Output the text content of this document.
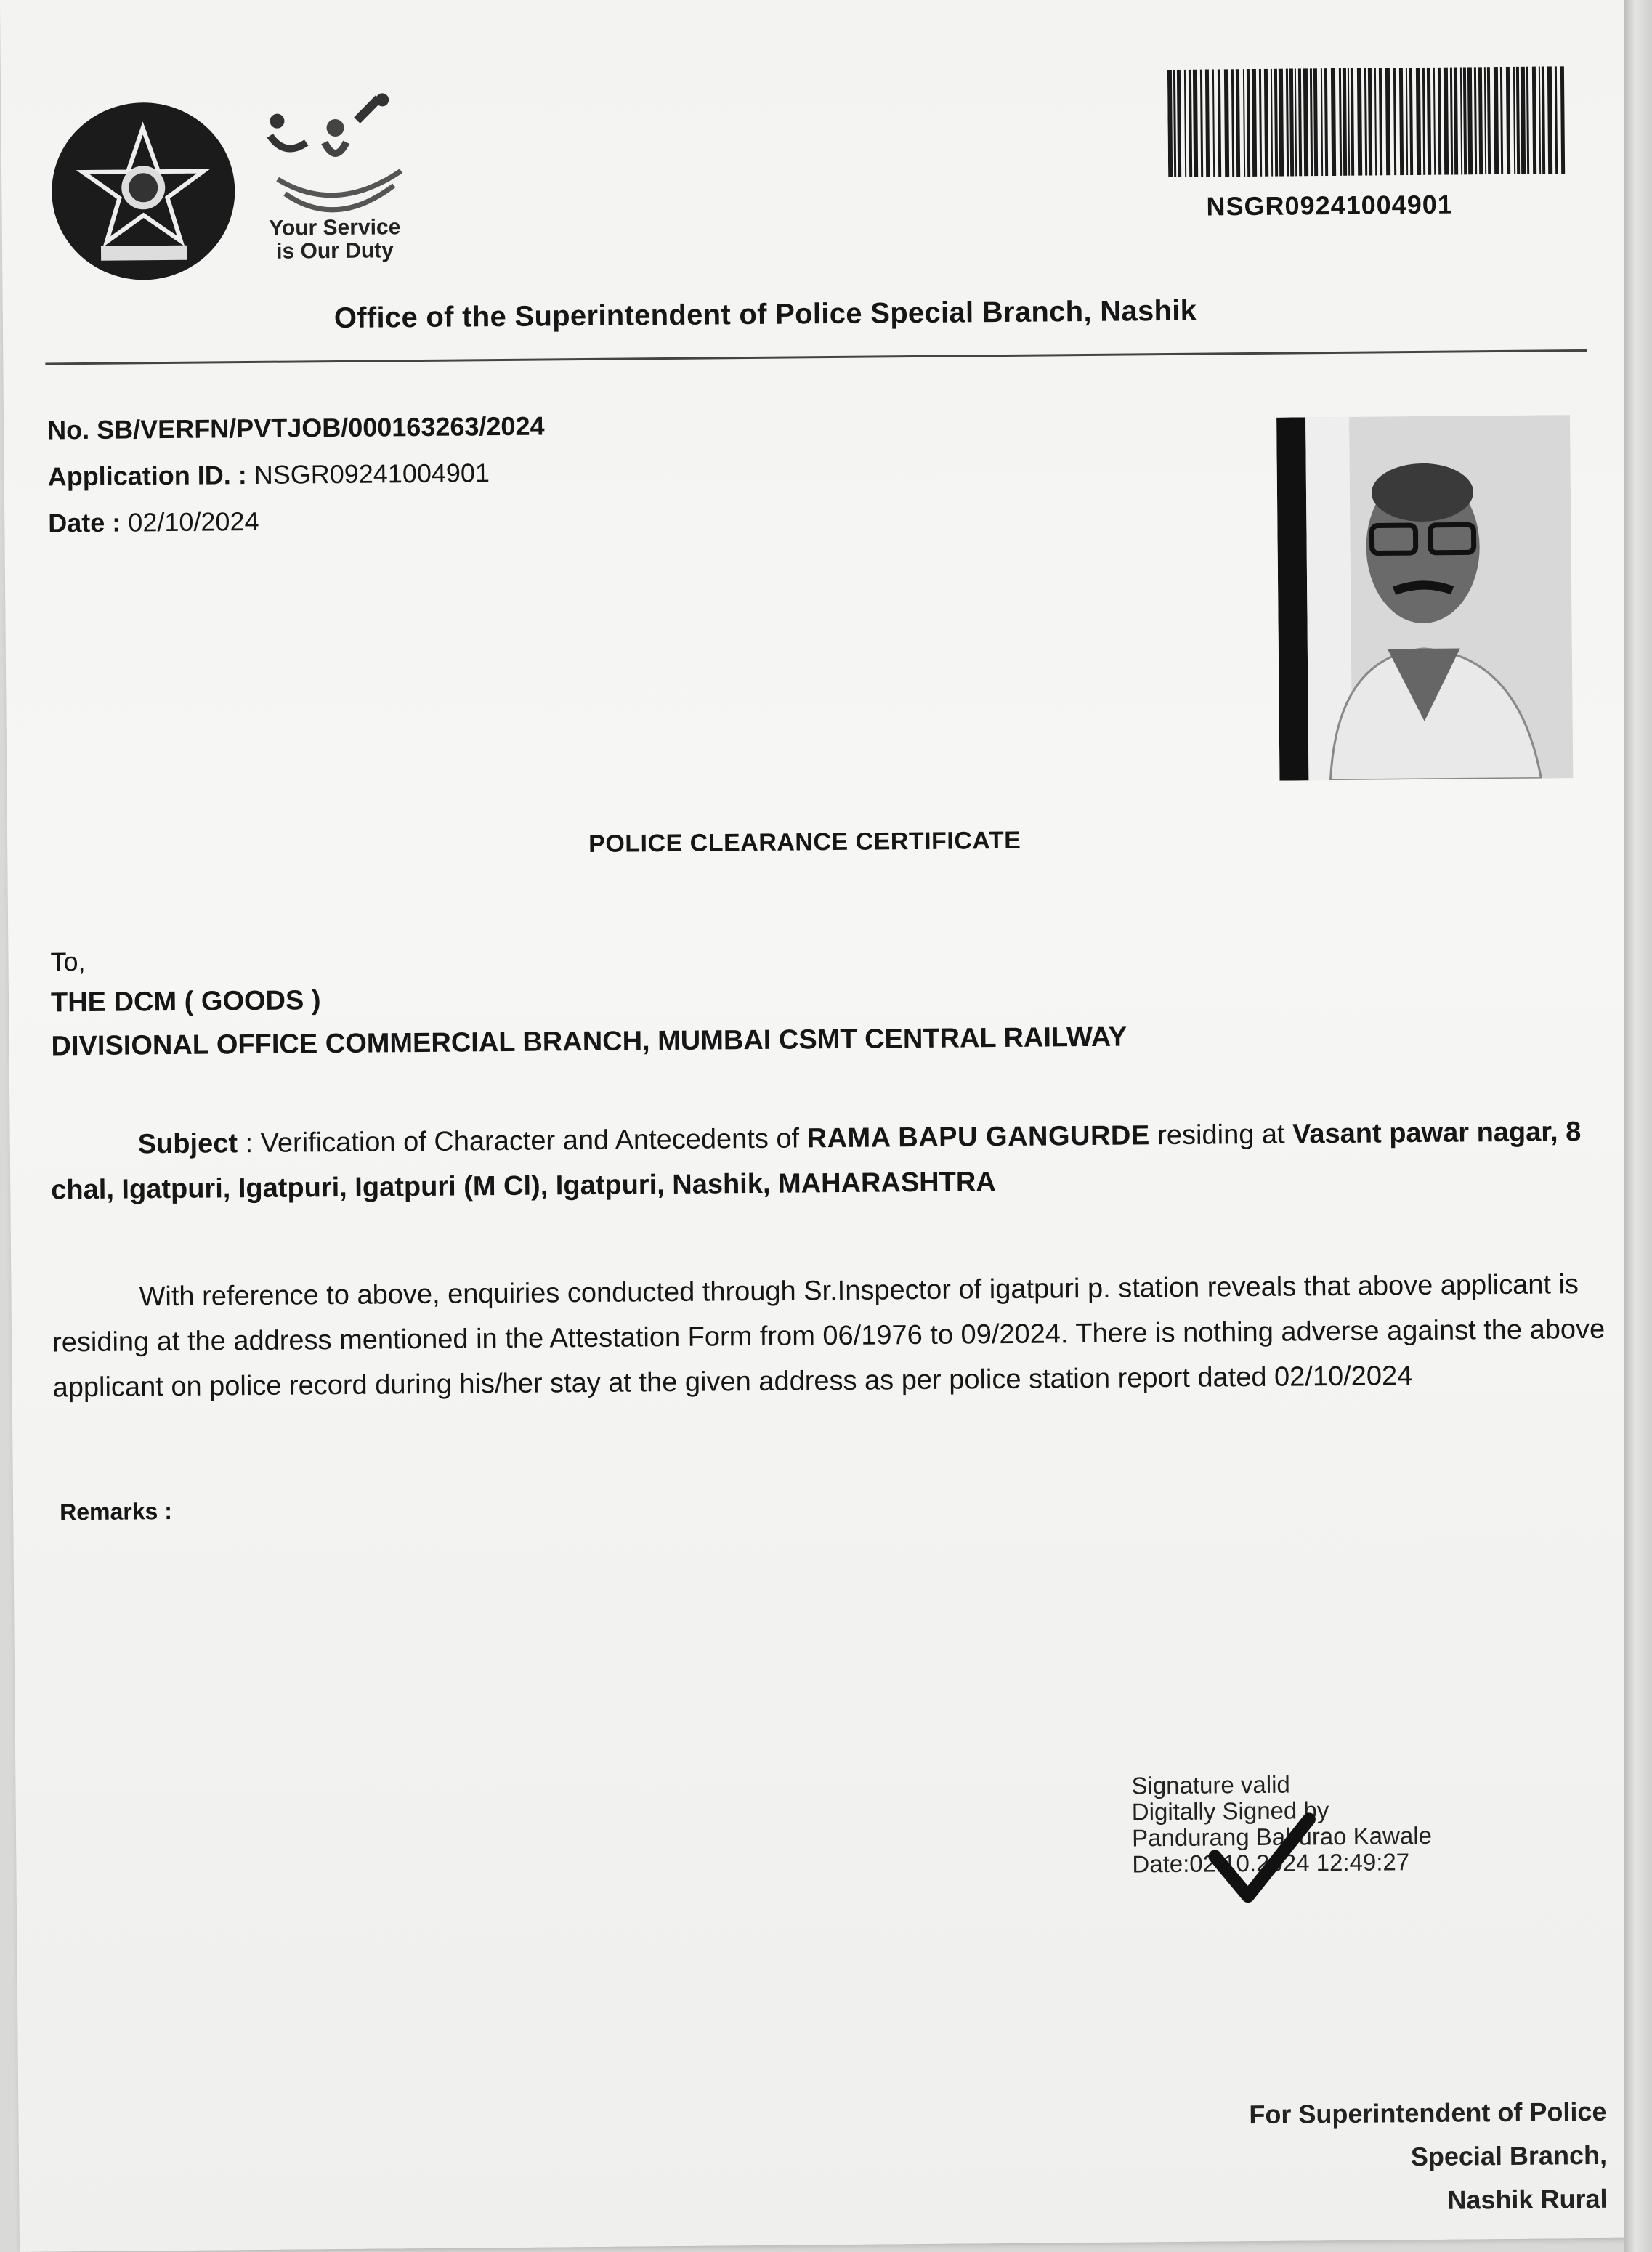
Your Service
is Our Duty
NSGR09241004901
Office of the Superintendent of Police Special Branch, Nashik
No. SB/VERFN/PVTJOB/000163263/2024
Application ID. : NSGR09241004901
Date : 02/10/2024
POLICE CLEARANCE CERTIFICATE
To,
THE DCM ( GOODS )
DIVISIONAL OFFICE COMMERCIAL BRANCH, MUMBAI CSMT CENTRAL RAILWAY
Subject : Verification of Character and Antecedents of RAMA BAPU GANGURDE residing at Vasant pawar nagar, 8 chal, Igatpuri, Igatpuri, Igatpuri (M Cl), Igatpuri, Nashik, MAHARASHTRA
With reference to above, enquiries conducted through Sr.Inspector of igatpuri p. station reveals that above applicant is residing at the address mentioned in the Attestation Form from 06/1976 to 09/2024. There is nothing adverse against the above applicant on police record during his/her stay at the given address as per police station report dated 02/10/2024
Remarks :
Signature valid
Digitally Signed by
Pandurang Baburao Kawale
Date:02.10.2024 12:49:27
For Superintendent of Police
Special Branch,
Nashik Rural
